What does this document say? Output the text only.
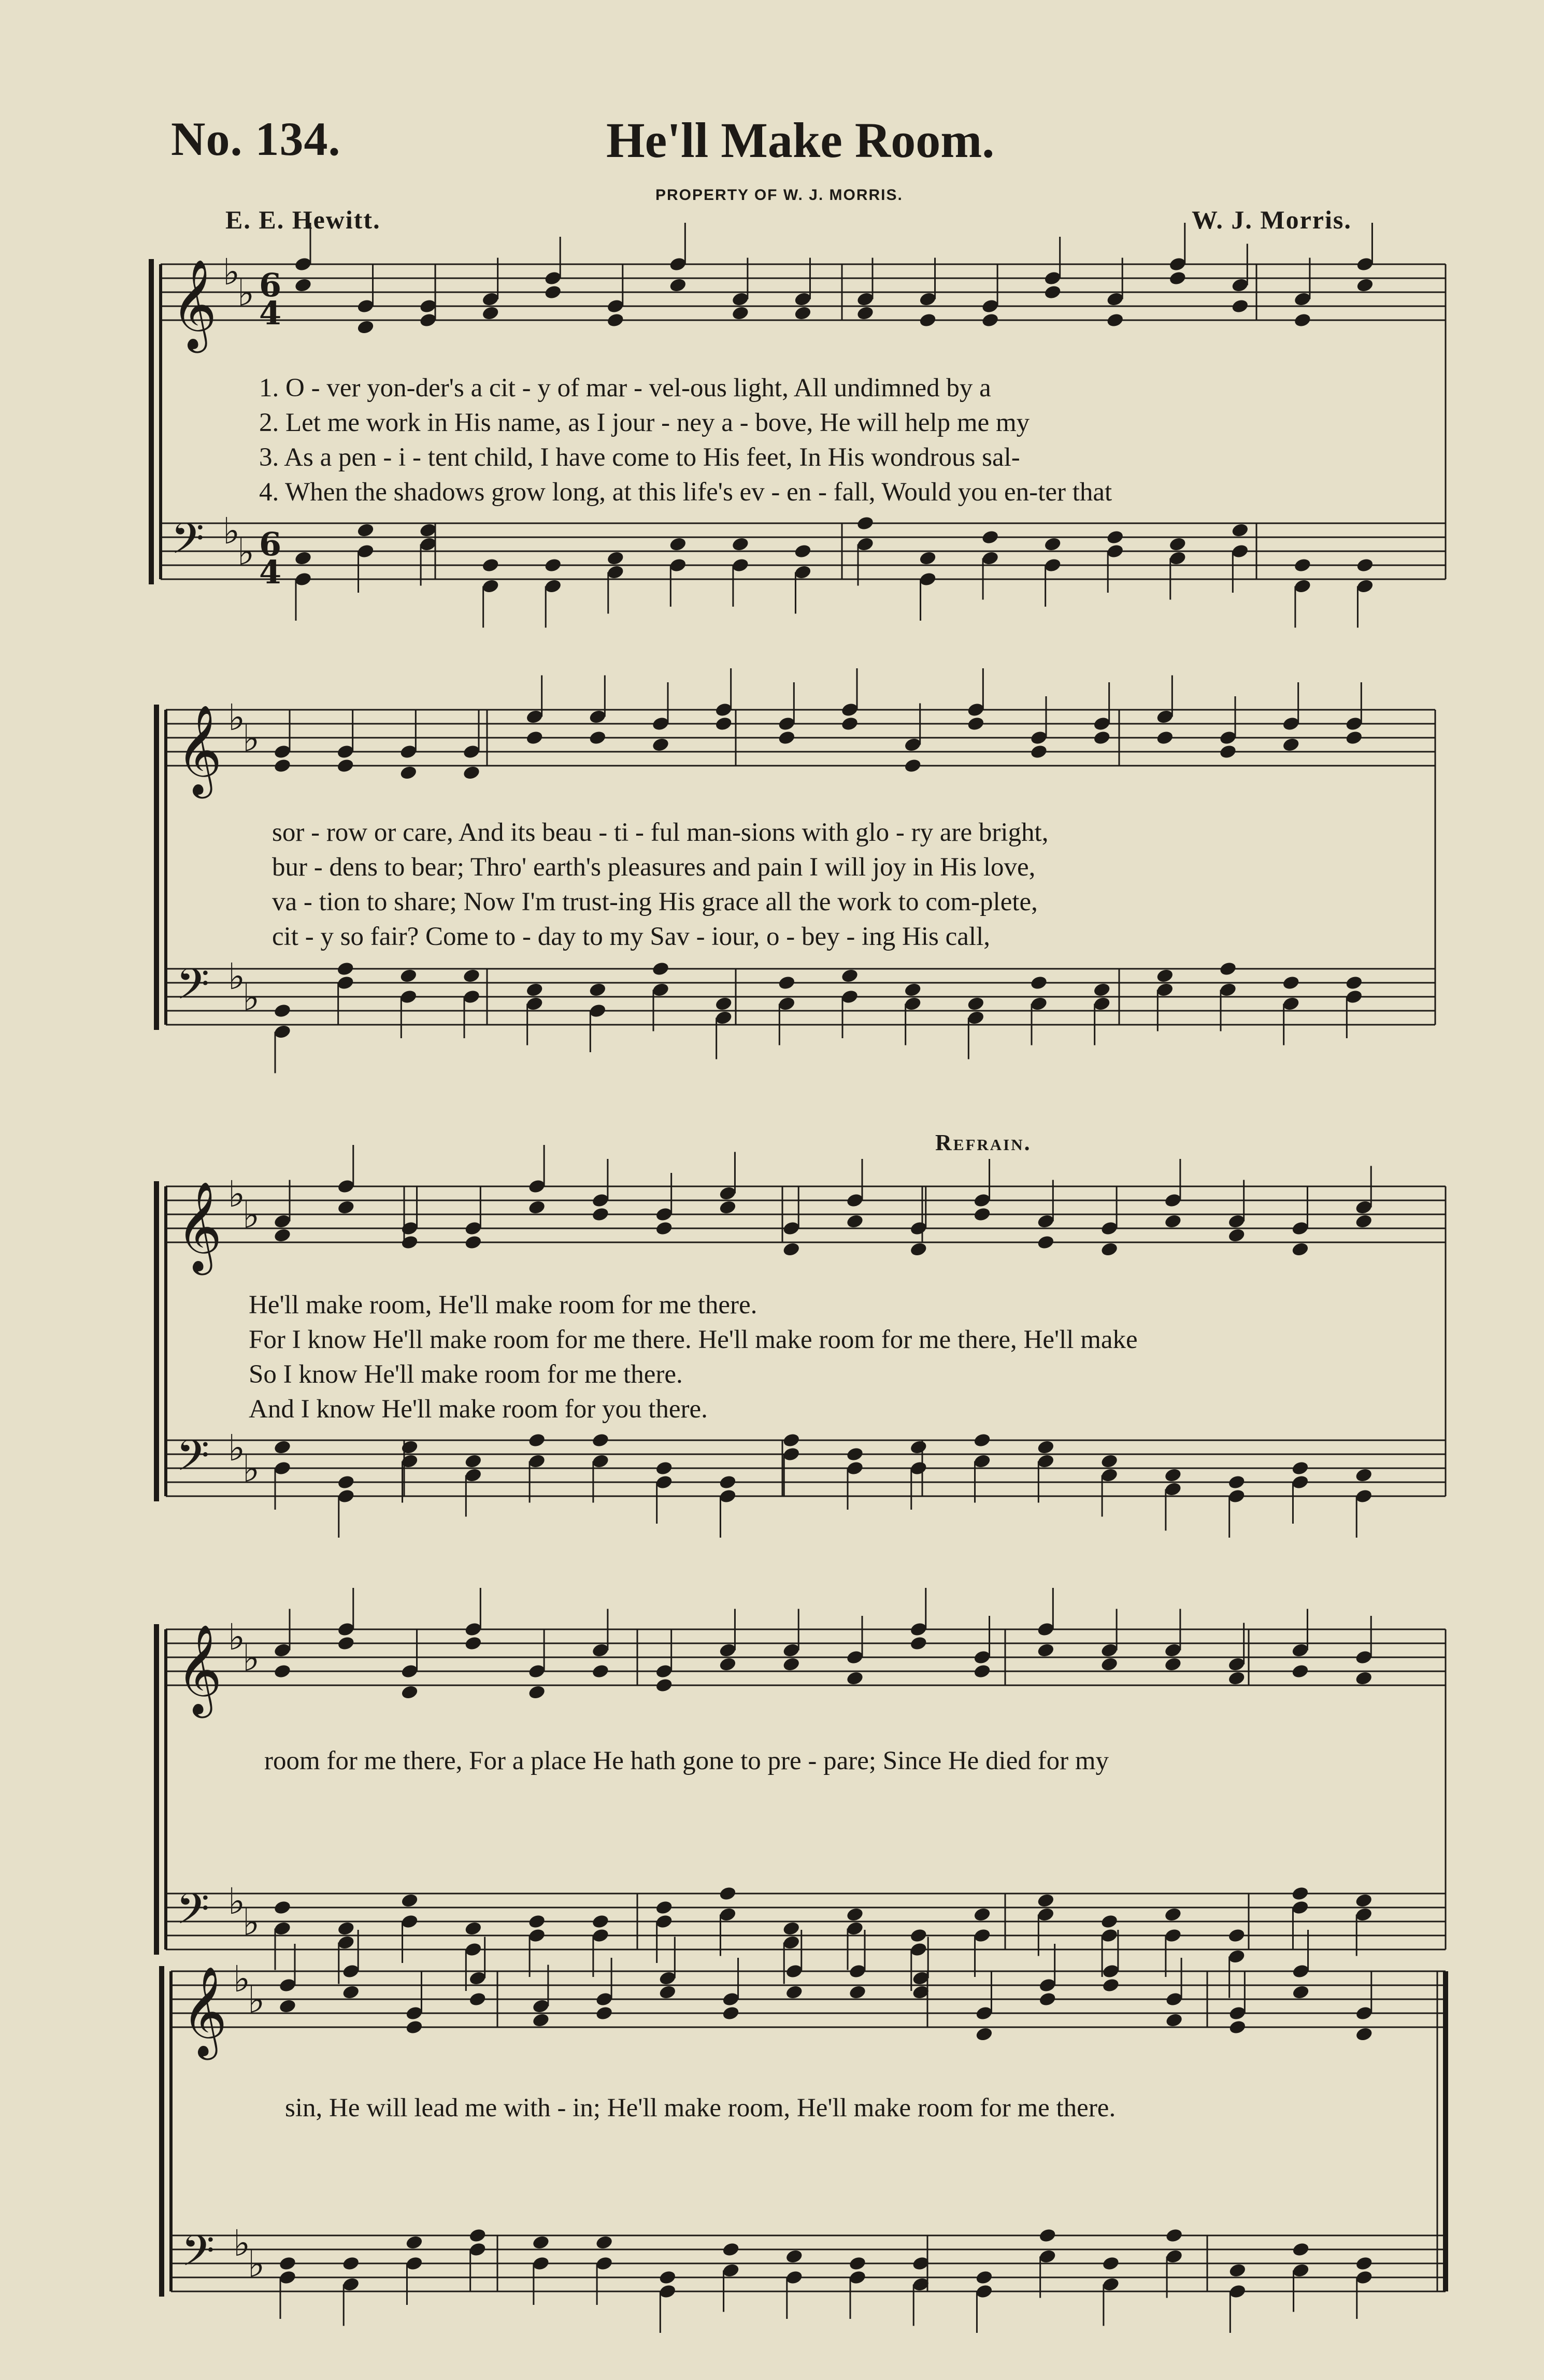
No. 134.	He'll Make Room.
PROPERTY OF W. J. MORRIS.
E. E. Hewitt.	W. J. Morris.
𝄞 ♭
♭ 6
4
𝄢 ♭
♭ 6
4
𝄞 ♭
♭
𝄢 ♭
♭
𝄞 ♭
♭
𝄢 ♭
♭
𝄞 ♭
♭
𝄢 ♭
♭
𝄞 ♭
♭
𝄢 ♭
♭
Refrain.
1. O - ver yon-der's a cit - y of mar - vel-ous light, All undimned by a
2. Let me work in His name, as I jour - ney a - bove, He will help me my
3. As a pen - i - tent child, I have come to His feet, In His wondrous sal-
4. When the shadows grow long, at this life's ev - en - fall, Would you en-ter that
sor - row or care, And its beau - ti - ful man-sions with glo - ry are bright,
bur - dens to bear; Thro' earth's pleasures and pain I will joy in His love,
va - tion to share; Now I'm trust-ing His grace all the work to com-plete,
cit - y so fair? Come to - day to my Sav - iour, o - bey - ing His call,
He'll make room, He'll make room for me there.
For I know He'll make room for me there. He'll make room for me there, He'll make
So I know He'll make room for me there.
And I know He'll make room for you there.
room for me there, For a place He hath gone to pre - pare; Since He died for my
sin, He will lead me with - in; He'll make room, He'll make room for me there.
